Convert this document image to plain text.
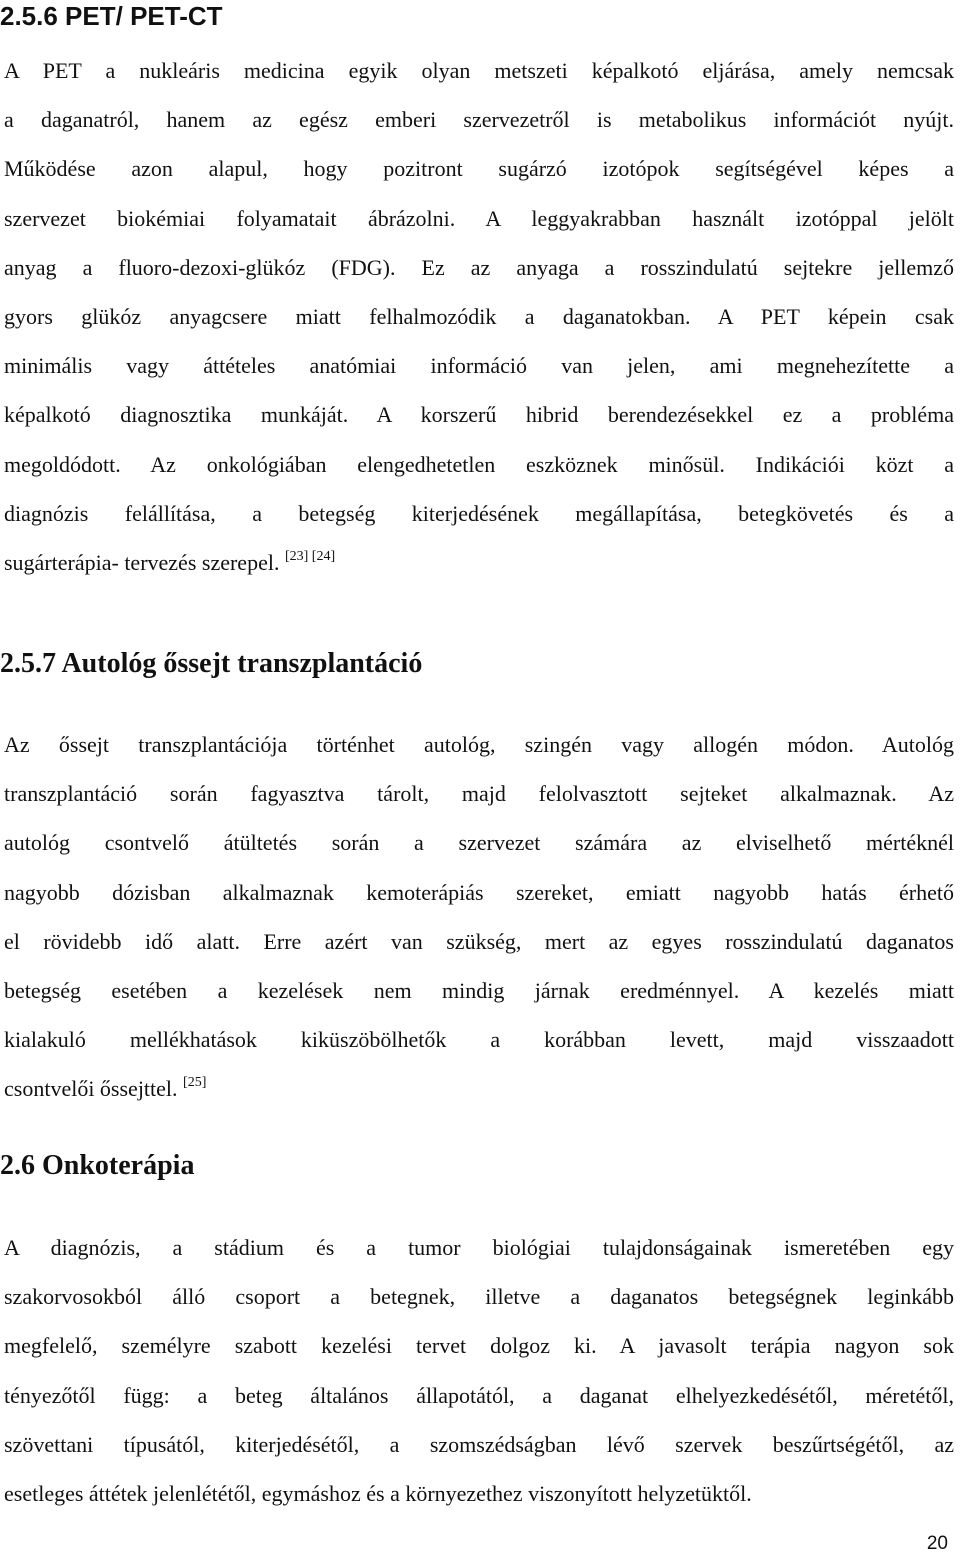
2.5.6 PET/ PET-CT
A PET a nukleáris medicina egyik olyan metszeti képalkotó eljárása, amely nemcsak
a daganatról, hanem az egész emberi szervezetről is metabolikus információt nyújt.
Működése azon alapul, hogy pozitront sugárzó izotópok segítségével képes a
szervezet biokémiai folyamatait ábrázolni. A leggyakrabban használt izotóppal jelölt
anyag a fluoro-dezoxi-glükóz (FDG). Ez az anyaga a rosszindulatú sejtekre jellemző
gyors glükóz anyagcsere miatt felhalmozódik a daganatokban. A PET képein csak
minimális vagy áttételes anatómiai információ van jelen, ami megnehezítette a
képalkotó diagnosztika munkáját. A korszerű hibrid berendezésekkel ez a probléma
megoldódott. Az onkológiában elengedhetetlen eszköznek minősül. Indikációi közt a
diagnózis felállítása, a betegség kiterjedésének megállapítása, betegkövetés és a
sugárterápia- tervezés szerepel. [23] [24]
2.5.7 Autológ őssejt transzplantáció
Az őssejt transzplantációja történhet autológ, szingén vagy allogén módon. Autológ
transzplantáció során fagyasztva tárolt, majd felolvasztott sejteket alkalmaznak. Az
autológ csontvelő átültetés során a szervezet számára az elviselhető mértéknél
nagyobb dózisban alkalmaznak kemoterápiás szereket, emiatt nagyobb hatás érhető
el rövidebb idő alatt. Erre azért van szükség, mert az egyes rosszindulatú daganatos
betegség esetében a kezelések nem mindig járnak eredménnyel. A kezelés miatt
kialakuló mellékhatások kiküszöbölhetők a korábban levett, majd visszaadott
csontvelői őssejttel. [25]
2.6 Onkoterápia
A diagnózis, a stádium és a tumor biológiai tulajdonságainak ismeretében egy
szakorvosokból álló csoport a betegnek, illetve a daganatos betegségnek leginkább
megfelelő, személyre szabott kezelési tervet dolgoz ki. A javasolt terápia nagyon sok
tényezőtől függ: a beteg általános állapotától, a daganat elhelyezkedésétől, méretétől,
szövettani típusától, kiterjedésétől, a szomszédságban lévő szervek beszűrtségétől, az
esetleges áttétek jelenlététől, egymáshoz és a környezethez viszonyított helyzetüktől.
20
